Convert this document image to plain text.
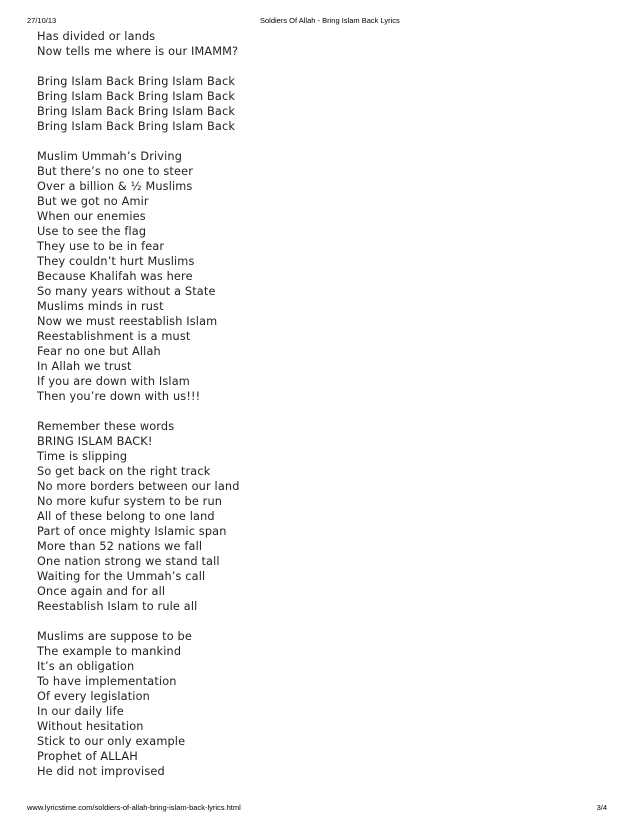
27/10/13	Soldiers Of Allah - Bring Islam Back Lyrics
Has divided or lands
Now tells me where is our IMAMM?
Bring Islam Back Bring Islam Back
Bring Islam Back Bring Islam Back
Bring Islam Back Bring Islam Back
Bring Islam Back Bring Islam Back
Muslim Ummah’s Driving
But there’s no one to steer
Over a billion & ½ Muslims
But we got no Amir
When our enemies
Use to see the flag
They use to be in fear
They couldn’t hurt Muslims
Because Khalifah was here
So many years without a State
Muslims minds in rust
Now we must reestablish Islam
Reestablishment is a must
Fear no one but Allah
In Allah we trust
If you are down with Islam
Then you’re down with us!!!
Remember these words
BRING ISLAM BACK!
Time is slipping
So get back on the right track
No more borders between our land
No more kufur system to be run
All of these belong to one land
Part of once mighty Islamic span
More than 52 nations we fall
One nation strong we stand tall
Waiting for the Ummah’s call
Once again and for all
Reestablish Islam to rule all
Muslims are suppose to be
The example to mankind
It’s an obligation
To have implementation
Of every legislation
In our daily life
Without hesitation
Stick to our only example
Prophet of ALLAH
He did not improvised
www.lyricstime.com/soldiers-of-allah-bring-islam-back-lyrics.html	3/4
